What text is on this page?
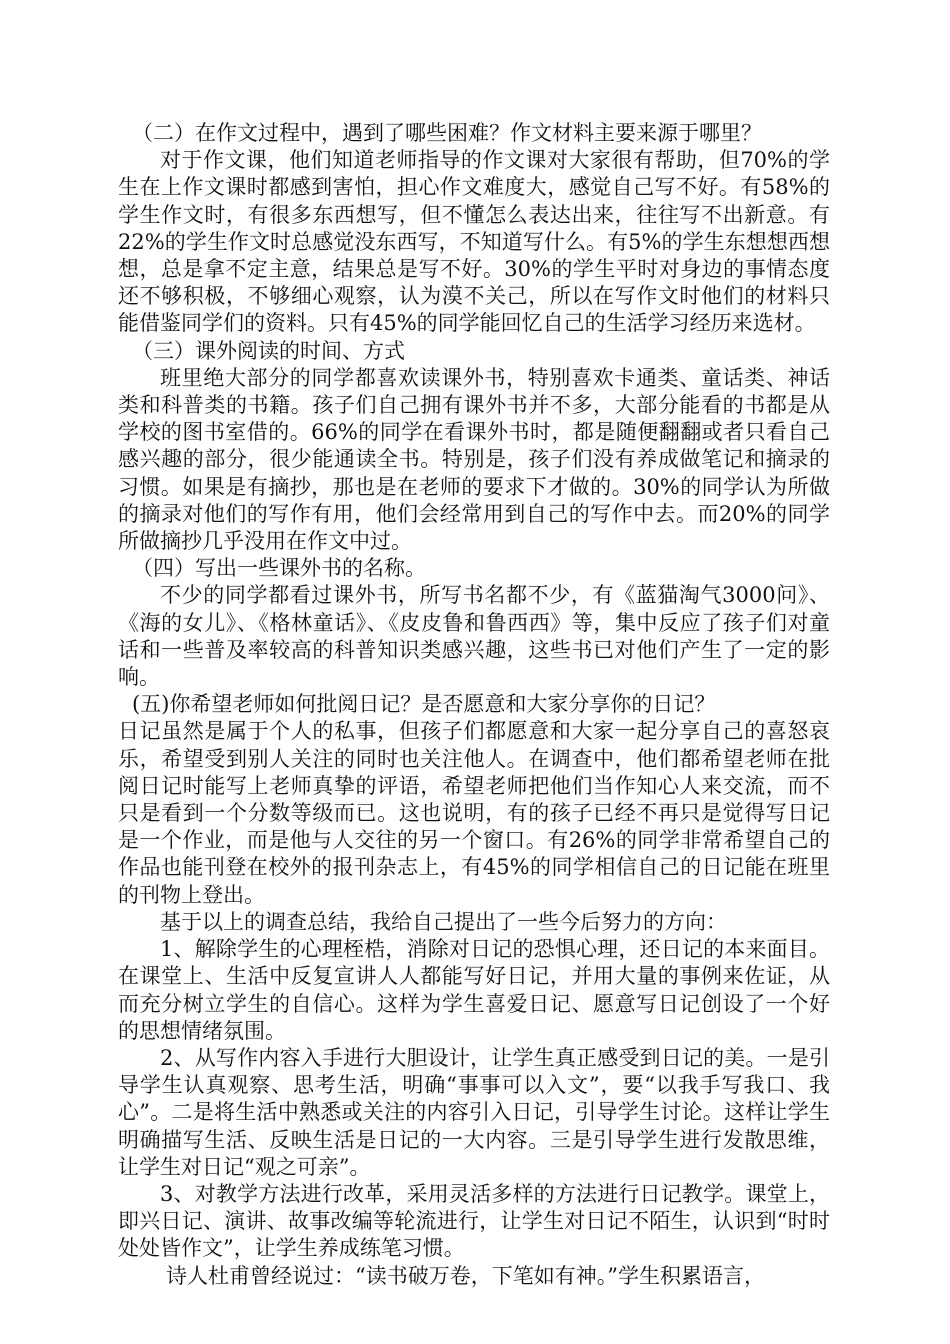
（二）在作文过程中，遇到了哪些困难？作文材料主要来源于哪里？

对于作文课，他们知道老师指导的作文课对大家很有帮助，但70%的学生在上作文课时都感到害怕，担心作文难度大，感觉自己写不好。有58%的学生作文时，有很多东西想写，但不懂怎么表达出来，往往写不出新意。有22%的学生作文时总感觉没东西写，不知道写什么。有5%的学生东想想西想想，总是拿不定主意，结果总是写不好。30%的学生平时对身边的事情态度还不够积极，不够细心观察，认为漠不关己，所以在写作文时他们的材料只能借鉴同学们的资料。只有45%的同学能回忆自己的生活学习经历来选材。

（三）课外阅读的时间、方式

班里绝大部分的同学都喜欢读课外书，特别喜欢卡通类、童话类、神话类和科普类的书籍。孩子们自己拥有课外书并不多，大部分能看的书都是从学校的图书室借的。66%的同学在看课外书时，都是随便翻翻或者只看自己感兴趣的部分，很少能通读全书。特别是，孩子们没有养成做笔记和摘录的习惯。如果是有摘抄，那也是在老师的要求下才做的。30%的同学认为所做的摘录对他们的写作有用，他们会经常用到自己的写作中去。而20%的同学所做摘抄几乎没用在作文中过。

（四）写出一些课外书的名称。

不少的同学都看过课外书，所写书名都不少，有《蓝猫淘气3000问》、《海的女儿》、《格林童话》、《皮皮鲁和鲁西西》等，集中反应了孩子们对童话和一些普及率较高的科普知识类感兴趣，这些书已对他们产生了一定的影响。

(五)你希望老师如何批阅日记？是否愿意和大家分享你的日记？

日记虽然是属于个人的私事，但孩子们都愿意和大家一起分享自己的喜怒哀乐，希望受到别人关注的同时也关注他人。在调查中，他们都希望老师在批阅日记时能写上老师真挚的评语，希望老师把他们当作知心人来交流，而不只是看到一个分数等级而已。这也说明，有的孩子已经不再只是觉得写日记是一个作业，而是他与人交往的另一个窗口。有26%的同学非常希望自己的作品也能刊登在校外的报刊杂志上，有45%的同学相信自己的日记能在班里的刊物上登出。

基于以上的调查总结，我给自己提出了一些今后努力的方向：

1、解除学生的心理桎梏，消除对日记的恐惧心理，还日记的本来面目。在课堂上、生活中反复宣讲人人都能写好日记，并用大量的事例来佐证，从而充分树立学生的自信心。这样为学生喜爱日记、愿意写日记创设了一个好的思想情绪氛围。

2、从写作内容入手进行大胆设计，让学生真正感受到日记的美。一是引导学生认真观察、思考生活，明确“事事可以入文”，要“以我手写我口、我心”。二是将生活中熟悉或关注的内容引入日记，引导学生讨论。这样让学生明确描写生活、反映生活是日记的一大内容。三是引导学生进行发散思维，让学生对日记“观之可亲”。

3、对教学方法进行改革，采用灵活多样的方法进行日记教学。课堂上，即兴日记、演讲、故事改编等轮流进行，让学生对日记不陌生，认识到“时时处处皆作文”，让学生养成练笔习惯。

诗人杜甫曾经说过：“读书破万卷，下笔如有神。”学生积累语言，
